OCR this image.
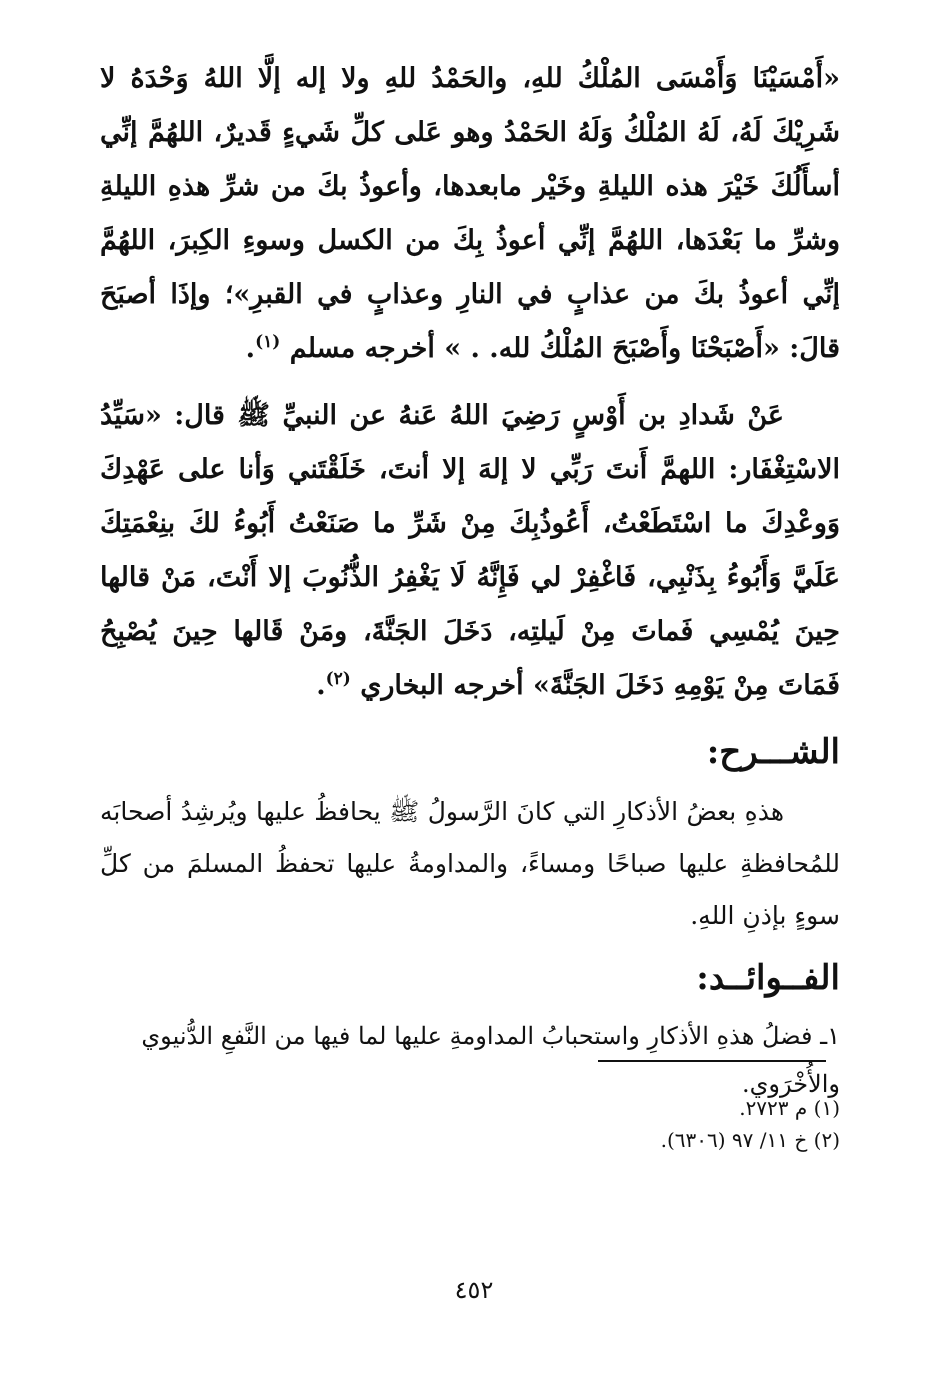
«أَمْسَيْنَا وَأَمْسَى المُلْكُ للهِ، والحَمْدُ للهِ ولا إله إلَّا اللهُ وَحْدَهُ لا شَرِيْكَ لَهُ، لَهُ المُلْكُ وَلَهُ الحَمْدُ وهو عَلى كلِّ شَيءٍ قَديرٌ، اللهُمَّ إنِّي أسأَلُكَ خَيْرَ هذه الليلةِ وخَيْر مابعدها، وأعوذُ بكَ من شرِّ هذهِ الليلةِ وشرِّ ما بَعْدَها، اللهُمَّ إنِّي أعوذُ بِكَ من الكسل وسوءِ الكِبرَ، اللهُمَّ إنِّي أعوذُ بكَ من عذابٍ في النارِ وعذابٍ في القبرِ»؛ وإذَا أصبَحَ قالَ: «أَصْبَحْنَا وأَصْبَحَ المُلْكُ لله. . » أخرجه مسلم $^{(١)}$.

عَنْ شَدادِ بن أَوْسٍ رَضِيَ اللهُ عَنهُ عن النبيِّ ﷺ قال: «سَيِّدُ الاسْتِغْفَار: اللهمَّ أَنتَ رَبِّي لا إلهَ إلا أنتَ، خَلَقْتَني وَأنا على عَهْدِكَ وَوعْدِكَ ما اسْتَطَعْتُ، أَعُوذُبِكَ مِنْ شَرِّ ما صَنَعْتُ أَبُوءُ لكَ بنِعْمَتِكَ عَلَيَّ وَأَبُوءُ بِذَنْبِي، فَاغْفِرْ لي فَإِنَّهُ لَا يَغْفِرُ الذُّنُوبَ إلا أَنْتَ، مَنْ قالها حِينَ يُمْسِي فَماتَ مِنْ لَيلتِه، دَخَلَ الجَنَّةَ، ومَنْ قَالها حِينَ يُصْبِحُ فَمَاتَ مِنْ يَوْمِهِ دَخَلَ الجَنَّةَ» أخرجه البخاري $^{(٢)}$.

الشـــرح:

هذهِ بعضُ الأذكارِ التي كانَ الرَّسولُ ﷺ يحافظُ عليها ويُرشِدُ أصحابَه للمُحافظةِ عليها صباحًا ومساءً، والمداومةُ عليها تحفظُ المسلمَ من كلِّ سوءٍ بإذنِ اللهِ.

الفــوائــد:

١ـ فضلُ هذهِ الأذكارِ واستحبابُ المداومةِ عليها لما فيها من النَّفعِ الدُّنيوي والأُخْرَوي.

(١) م ٢٧٢٣.

(٢) خ ١١/ ٩٧ (٦٣٠٦).

٤٥٢
